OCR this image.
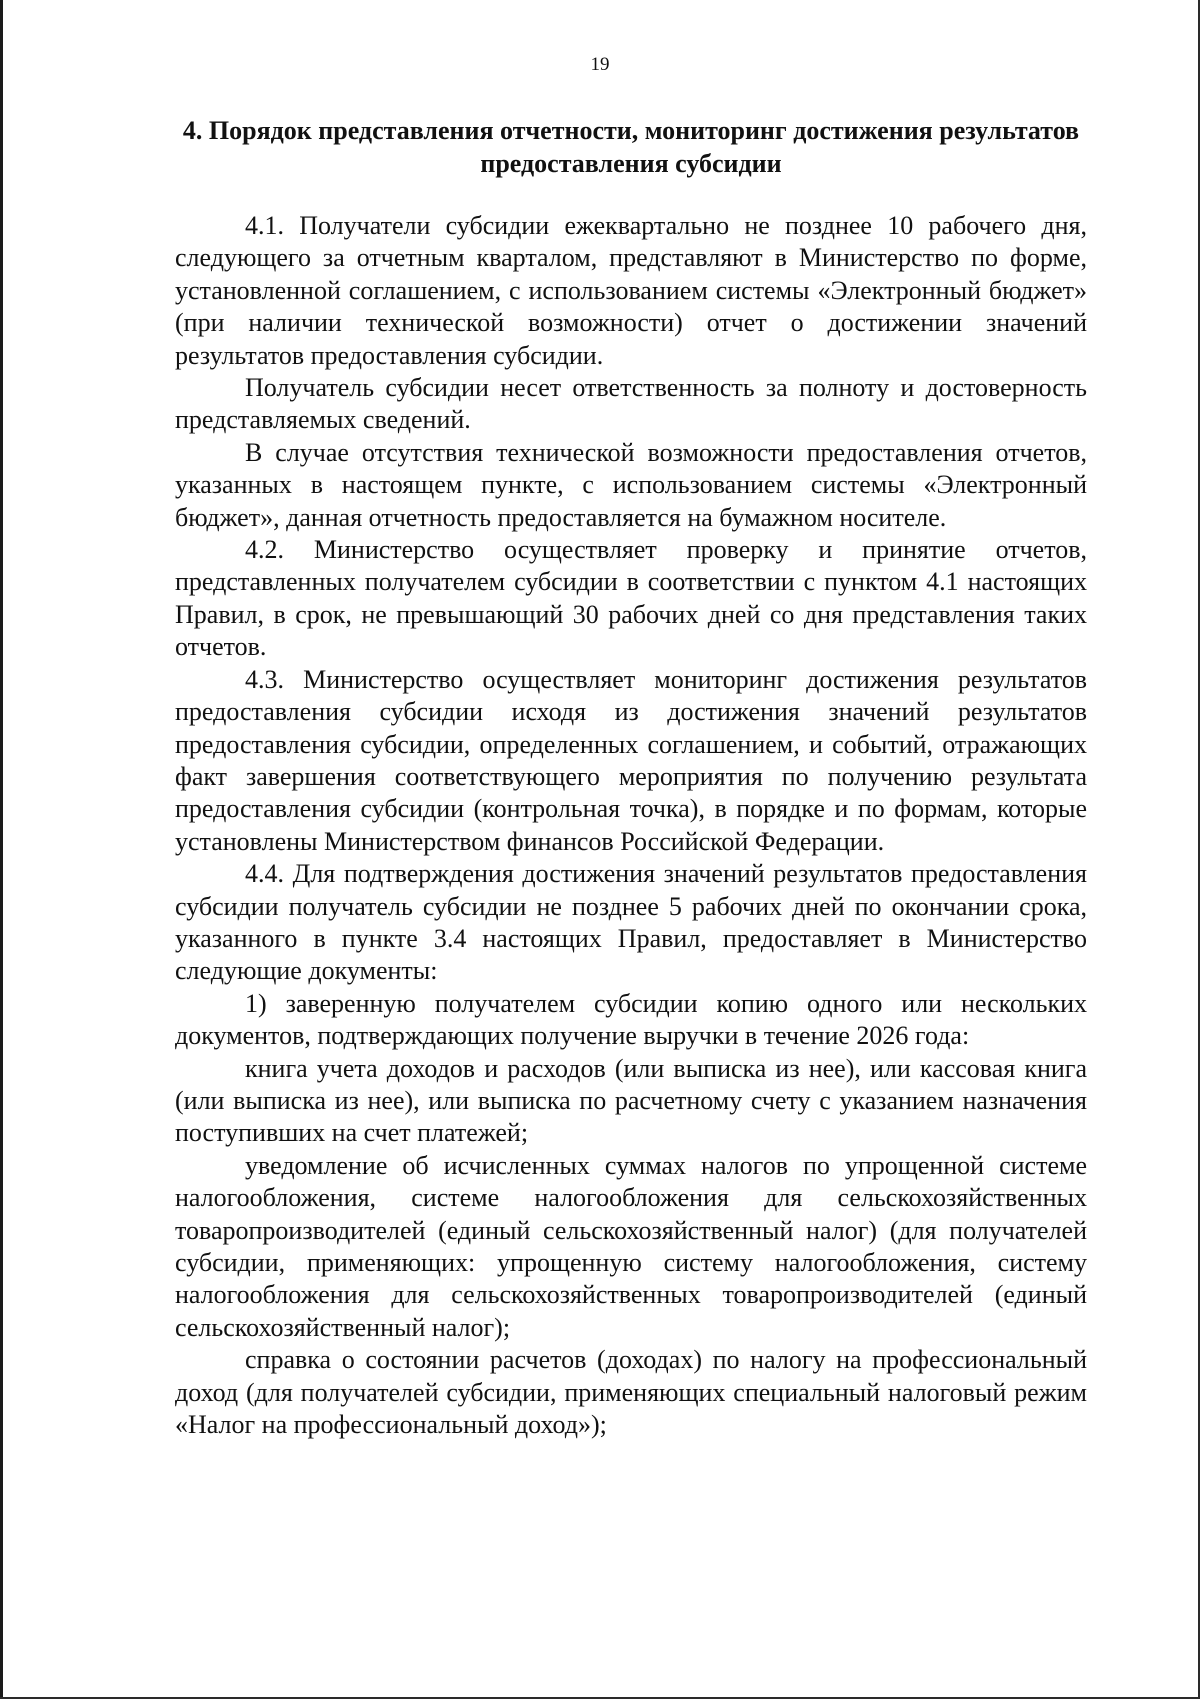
19
4. Порядок представления отчетности, мониторинг достижения результатов предоставления субсидии

4.1. Получатели субсидии ежеквартально не позднее 10 рабочего дня, следующего за отчетным кварталом, представляют в Министерство по форме, установленной соглашением, с использованием системы «Электронный бюджет» (при наличии технической возможности) отчет о достижении значений результатов предоставления субсидии.

Получатель субсидии несет ответственность за полноту и достоверность представляемых сведений.

В случае отсутствия технической возможности предоставления отчетов, указанных в настоящем пункте, с использованием системы «Электронный бюджет», данная отчетность предоставляется на бумажном носителе.

4.2. Министерство осуществляет проверку и принятие отчетов, представленных получателем субсидии в соответствии с пунктом 4.1 настоящих Правил, в срок, не превышающий 30 рабочих дней со дня представления таких отчетов.

4.3. Министерство осуществляет мониторинг достижения результатов предоставления субсидии исходя из достижения значений результатов предоставления субсидии, определенных соглашением, и событий, отражающих факт завершения соответствующего мероприятия по получению результата предоставления субсидии (контрольная точка), в порядке и по формам, которые установлены Министерством финансов Российской Федерации.

4.4. Для подтверждения достижения значений результатов предоставления субсидии получатель субсидии не позднее 5 рабочих дней по окончании срока, указанного в пункте 3.4 настоящих Правил, предоставляет в Министерство следующие документы:

1) заверенную получателем субсидии копию одного или нескольких документов, подтверждающих получение выручки в течение 2026 года:

книга учета доходов и расходов (или выписка из нее), или кассовая книга (или выписка из нее), или выписка по расчетному счету с указанием назначения поступивших на счет платежей;

уведомление об исчисленных суммах налогов по упрощенной системе налогообложения, системе налогообложения для сельскохозяйственных товаропроизводителей (единый сельскохозяйственный налог) (для получателей субсидии, применяющих: упрощенную систему налогообложения, систему налогообложения для сельскохозяйственных товаропроизводителей (единый сельскохозяйственный налог);

справка о состоянии расчетов (доходах) по налогу на профессиональный доход (для получателей субсидии, применяющих специальный налоговый режим «Налог на профессиональный доход»);
